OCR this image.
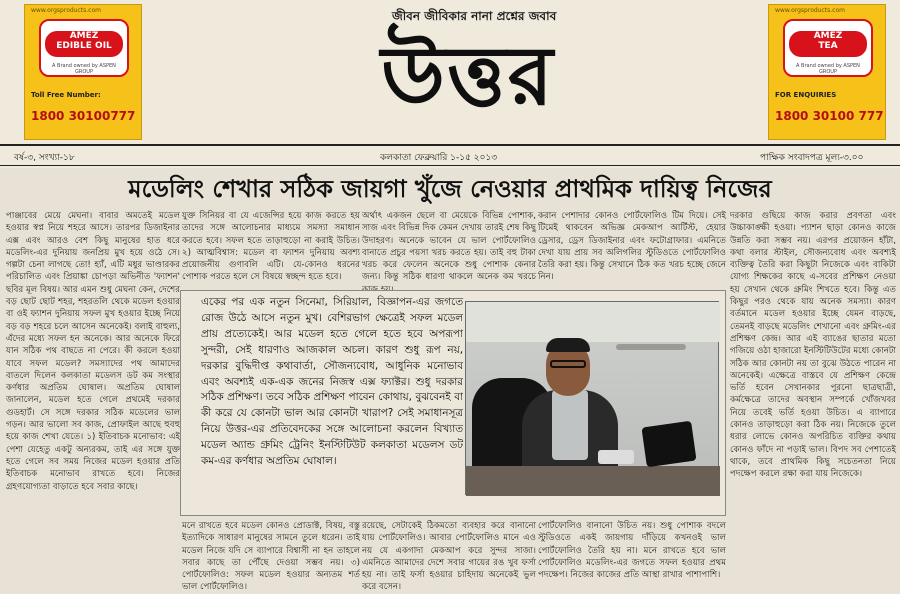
www.orgsproducts.com
AMEZ
EDIBLE OIL
A Brand owned by ASPEN GROUP
Toll Free Number:
1800 30100777
জীবন জীবিকার নানা প্রশ্নের জবাব
উত্তর
www.orgsproducts.com
AMEZ
TEA
A Brand owned by ASPEN GROUP
FOR ENQUIRIES
1800 30100 777
বর্ষ-৩, সংখ্যা-১৮	কলকাতা ফেব্রুয়ারি ১-১৫ ২০১৩	পাক্ষিক সংবাদপত্র মূল্য-৩.০০
মডেলিং শেখার সঠিক জায়গা খুঁজে নেওয়ার প্রাথমিক দায়িত্ব নিজের

পাঞ্জাবের মেয়ে মেঘনা। বাবার অমতেই মডেল হওয়ার স্বপ্ন নিয়ে শহরে আসে। তারপর ডিজাইনার এক্স এবং আরও বেশ কিছু মানুষের হাত ধরে মডেলিং-এর দুনিয়ায় জনপ্রিয় মুখ হয়ে ওঠে সে। গল্পটা চেনা লাগছে তো! হ্যাঁ, এটি মধুর ভাণ্ডারকর পরিচালিত এবং প্রিয়াঙ্কা চোপড়া অভিনীত 'ফ্যাশন' ছবির মূল বিষয়। আর এমন শুধু মেঘনা কেন, দেশের বড় ছোট ছোট শহর, শহরতলি থেকে মডেল হওয়ার বা ওই ফ্যাশন দুনিয়ায় সফল মুখ হওয়ার ইচ্ছে নিয়ে বড় বড় শহরে চলে আসেন অনেকেই। বলাই বাহুল্য, এঁদের মধ্যে সফল হন অনেকে। আর অনেকে ফিরে যান সঠিক পথ বাছতে না পেরে। কী করলে হওয়া যাবে সফল মডেল? সমস্যাদের পথ আমাদের বাতলে দিলেন কলকাতা মডেলস ডট কম সংস্থার কর্ণধার অপ্রতিম ঘোষাল। অপ্রতিম ঘোষাল জানালেন, মডেল হতে গেলে প্রথমেই দরকার গুডহার্ট। সে সঙ্গে দরকার সঠিক মডেলের ভাল গড়ন। আর ভালো সব কাজ, প্রোফাইল আছে হুবহু হয়ে কাজ শেখা যেতে। ১) ইতিবাচক মনোভাব: এই পেশা যেহেতু একটু অন্যরকম, তাই এর সঙ্গে যুক্ত হতে গেলে সব সময় নিজের মডেল হওয়ার প্রতি ইতিবাচক মনোভাব রাখতে হবে। নিজের গ্রহণযোগ্যতা বাড়াতে হবে সবার কাছে।

যুক্ত সিনিয়র বা যে এজেন্সির হয়ে কাজ করতে হয় তাদের সঙ্গে আলোচনার মাধ্যমে সমস্যা সমাধান করতে হবে। সফল হতে তাড়াহুড়ো না করাই উচিত। ২) আত্মবিশ্বাস: মডেল বা ফ্যাশন দুনিয়ায় অবশ্য প্রয়োজনীয় গুণাবলি এটি। যে-কোনও ধরনের পোশাক পরতে হলে সে বিষয়ে স্বচ্ছন্দ হতে হবে।

অর্থাৎ একজন ছেলে বা মেয়েকে বিভিন্ন পোশাক, সাজ এবং বিভিন্ন দিক কেমন দেখায় তারই শেষ কিছু উদাহরণ। অনেকে ভাবেন যে ভাল পোর্টফোলিও বানাতে প্রচুর পয়সা খরচ করতে হয়। তাই বহু টাকা খরচ করে ফেলেন অনেকে শুধু পোশাক কেনার জন্য। কিন্তু সঠিক ধারণা থাকলে অনেক কম খরচে

করান পেশাদার কোনও পোর্টফোলিও টিম দিয়ে। সেই টিমেই থাকবেন অভিজ্ঞ মেকআপ আর্টিস্ট, হেয়ার ড্রেসার, ড্রেস ডিজাইনার এবং ফটোগ্রাফার। এমনিতে দেখা যায় প্রায় সব অলিগলির স্টুডিওতে পোর্টফোলিও তৈরি করা হয়। কিন্তু সেখানে ঠিক কত খরচ হচ্ছে জেনে নিন।

একের পর এক নতুন সিনেমা, সিরিয়াল, বিজ্ঞাপন-এর জগতে রোজ উঠে আসে নতুন মুখ। বেশিরভাগ ক্ষেত্রেই সফল মডেল প্রায় প্রত্যেকেই। আর মডেল হতে গেলে হতে হবে অপরূপা সুন্দরী, সেই ধারণাও আজকাল অচল। কারণ শুধু রূপ নয়, দরকার বুদ্ধিদীপ্ত কথাবার্তা, সৌজন্যবোধ, আধুনিক মনোভাব এবং অবশ্যই এক-এক জনের নিজস্ব এক্স ফ্যাক্টর। শুধু দরকার সঠিক প্রশিক্ষণ। তবে সঠিক প্রশিক্ষণ পাবেন কোথায়, বুঝবেনই বা কী করে যে কোনটা ভাল আর কোনটা খারাপ? সেই সমাধানসূত্র নিয়ে উত্তর-এর প্রতিবেদকের সঙ্গে আলোচনা করলেন বিখ্যাত মডেল অ্যান্ড গ্রুমিং ট্রেনিং ইনস্টিটিউট কলকাতা মডেলস ডট কম-এর কর্ণধার অপ্রতিম ঘোষাল।

মনে রাখতে হবে মডেল কোনও প্রোডাক্ট, বিষয়, বস্তু ইত্যাদিকে সাধারণ মানুষের সামনে তুলে ধরেন। তাই মডেল নিজে যদি সে ব্যাপারে বিশ্বাসী না হন তাহলে সবার কাছে তা পৌঁছে দেওয়া সম্ভব নয়। ৩) পোর্টফোলিও: সফল মডেল হওয়ার অন্যতম শর্ত ভাল পোর্টফোলিও।

রয়েছে, সেটাকেই ঠিকমতো ব্যবহার করে বানানো যায় পোর্টফোলিও। আবার পোর্টফোলিও মানে এও নয় যে একগাদা মেকআপ করে সুন্দর সাজা। এমনিতে আমাদের দেশে সবার গায়ের রঙ খুব ফর্সা হয় না। তাই ফর্সা হওয়ার চাহিদায় অনেকেই ভুল করে বসেন।

পোর্টফোলিও বানানো উচিত নয়। শুধু পোশাক বদলে স্টুডিওতে একই জায়গায় দাঁড়িয়ে কখনওই ভাল পোর্টফোলিও তৈরি হয় না। মনে রাখতে হবে ভাল পোর্টফোলিও মডেলিং-এর জগতে সফল হওয়ার প্রথম পদক্ষেপ। নিজের কাজের প্রতি আস্থা রাখার পাশাপাশি।

দরকার গুছিয়ে কাজ করার প্রবণতা এবং উচ্চাকাঙ্ক্ষী হওয়া। প্যাশন ছাড়া কোনও কাজে উন্নতি করা সম্ভব নয়। এরপর প্রয়োজন হাঁটা, কথা বলার স্টাইল, সৌজন্যবোধ এবং অবশ্যই ব্যক্তিত্ব তৈরি করা কিছুটা নিজেকে এবং বাকিটা যোগ্য শিক্ষকের কাছে এ-সবের প্রশিক্ষণ নেওয়া হয় সেখান থেকে গ্রুমিং শিখতে হবে। কিন্তু এত কিছুর পরও থেকে যায় অনেক সমস্যা। কারণ বর্তমানে মডেল হওয়ার ইচ্ছে যেমন বাড়ছে, তেমনই বাড়ছে মডেলিং শেখানো এবং গ্রুমিং-এর প্রশিক্ষণ কেন্দ্র। আর এই ব্যাঙের ছাতার মতো গজিয়ে ওঠা হাজারো ইনস্টিটিউটের মধ্যে কোনটা সঠিক আর কোনটা নয় তা বুঝে উঠতে পারেন না অনেকেই। এক্ষেত্রে বাস্তবে যে প্রশিক্ষণ কেন্দ্রে ভর্তি হবেন সেখানকার পুরনো ছাত্রছাত্রী, কর্মক্ষেত্রে তাদের অবস্থান সম্পর্কে খোঁজখবর নিয়ে তবেই ভর্তি হওয়া উচিত। এ ব্যাপারে কোনও তাড়াহুড়ো করা ঠিক নয়। নিজেকে তুলে ধরার লোভে কোনও অপরিচিত ব্যক্তির কথায় কোনও ফাঁদে না পড়াই ভাল। বিপদ সব পেশাতেই থাকে, তবে প্রাথমিক কিছু সচেতনতা নিয়ে পদক্ষেপ করলে রক্ষা করা যায় নিজেকে।
